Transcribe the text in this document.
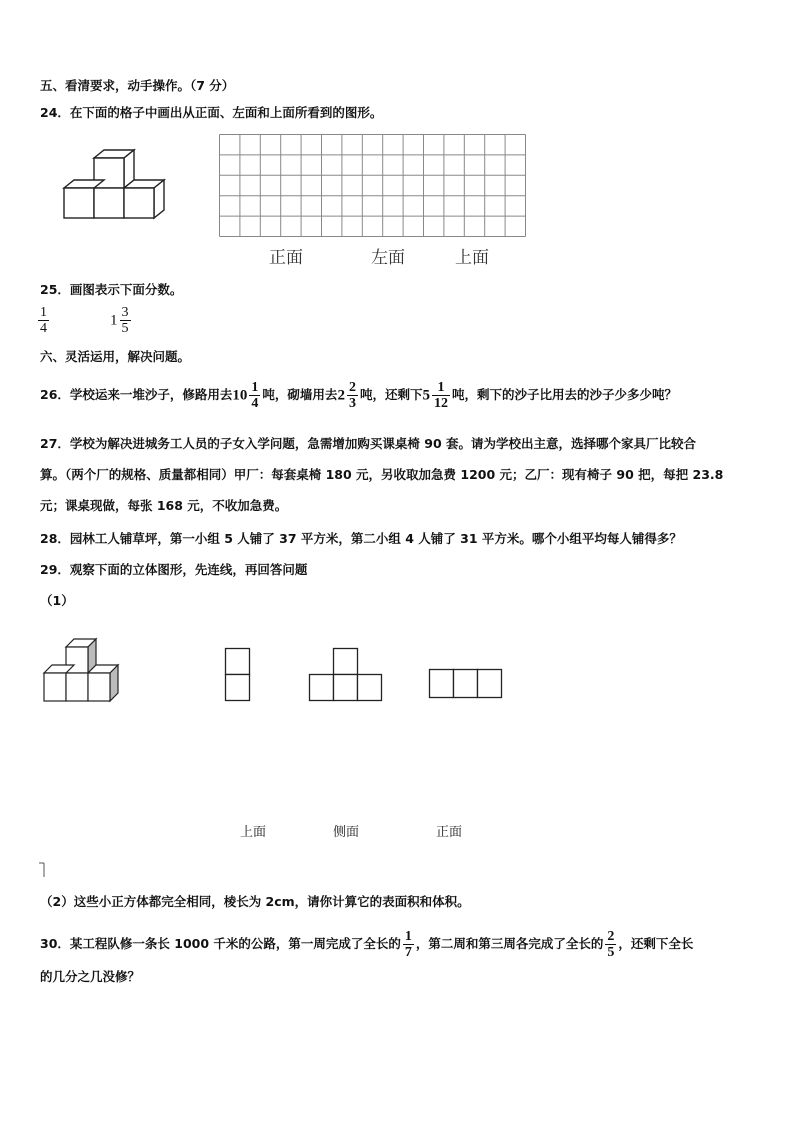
五、看清要求，动手操作。（7 分）
24．在下面的格子中画出从正面、左面和上面所看到的图形。
正面	左面	上面
25．画图表示下面分数。
$\frac{1}{4}$	$1 \frac{3}{5}$
六、灵活运用，解决问题。
26．学校运来一堆沙子，修路用去$10 \frac{1}{4}$ 吨，砌墙用去$2 \frac{2}{3}$ 吨，还剩下$5 \frac{1}{12}$ 吨，剩下的沙子比用去的沙子少多少吨？
27．学校为解决进城务工人员的子女入学问题，急需增加购买课桌椅 90 套。请为学校出主意，选择哪个家具厂比较合
算。（两个厂的规格、质量都相同）甲厂：每套桌椅 180 元，另收取加急费 1200 元；乙厂：现有椅子 90 把，每把 23.8
元；课桌现做，每张 168 元，不收加急费。
28．园林工人铺草坪，第一小组 5 人铺了 37 平方米，第二小组 4 人铺了 31 平方米。哪个小组平均每人铺得多？
29．观察下面的立体图形，先连线，再回答问题
（1）
上面	侧面	正面
（2）这些小正方体都完全相同，棱长为 2cm，请你计算它的表面积和体积。
30．某工程队修一条长 1000 千米的公路，第一周完成了全长的 $\frac{1}{7}$ ，第二周和第三周各完成了全长的 $\frac{2}{5}$ ，还剩下全长
的几分之几没修？
